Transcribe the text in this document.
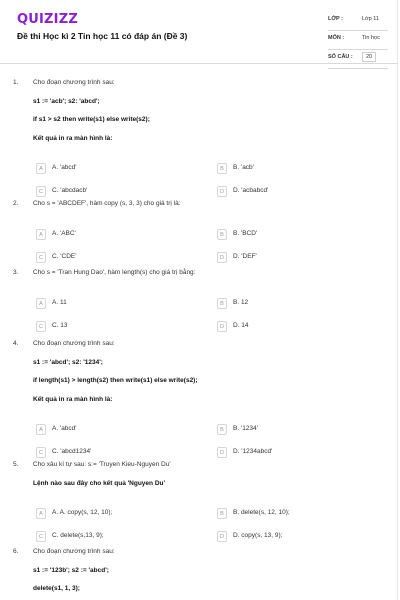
QUIZIZZ
Đề thi Học kì 2 Tin học 11 có đáp án (Đề 3)
LỚP :	Lớp 11
MÔN :	Tin học
SỐ CÂU :	20
1. Cho đoạn chương trình sau:
s1 := 'acb'; s2: 'abcd';
if s1 > s2 then write(s1) else write(s2);
Kết quả in ra màn hình là:
A	A. 'abcd'	B	B. 'acb'
C	C. 'abcdacb'	D	D. 'acbabcd'
2. Cho s = 'ABCDEF', hàm copy (s, 3, 3) cho giá trị là:
A	A. 'ABC'	B	B. 'BCD'
C	C. 'CDE'	D	D. 'DEF'
3. Cho s = 'Tran Hung Dao', hàm length(s) cho giá trị bằng:
A	A. 11	B	B. 12
C	C. 13	D	D. 14
4. Cho đoạn chương trình sau:
s1 := 'abcd'; s2: '1234';
if length(s1) > length(s2) then write(s1) else write(s2);
Kết quả in ra màn hình là:
A	A. 'abcd'	B	B. '1234'
C	C. 'abcd1234'	D	D. '1234abcd'
5. Cho xâu kí tự sau: s:= 'Truyen Kieu-Nguyen Du'
Lệnh nào sau đây cho kết quả 'Nguyen Du'
A	A. A. copy(s, 12, 10);	B	B. delete(s, 12, 10);
C	C. delete(s,13, 9);	D	D. copy(s, 13, 9);
6. Cho đoạn chương trình sau:
s1 := '123b'; s2 := 'abcd';
delete(s1, 1, 3);
